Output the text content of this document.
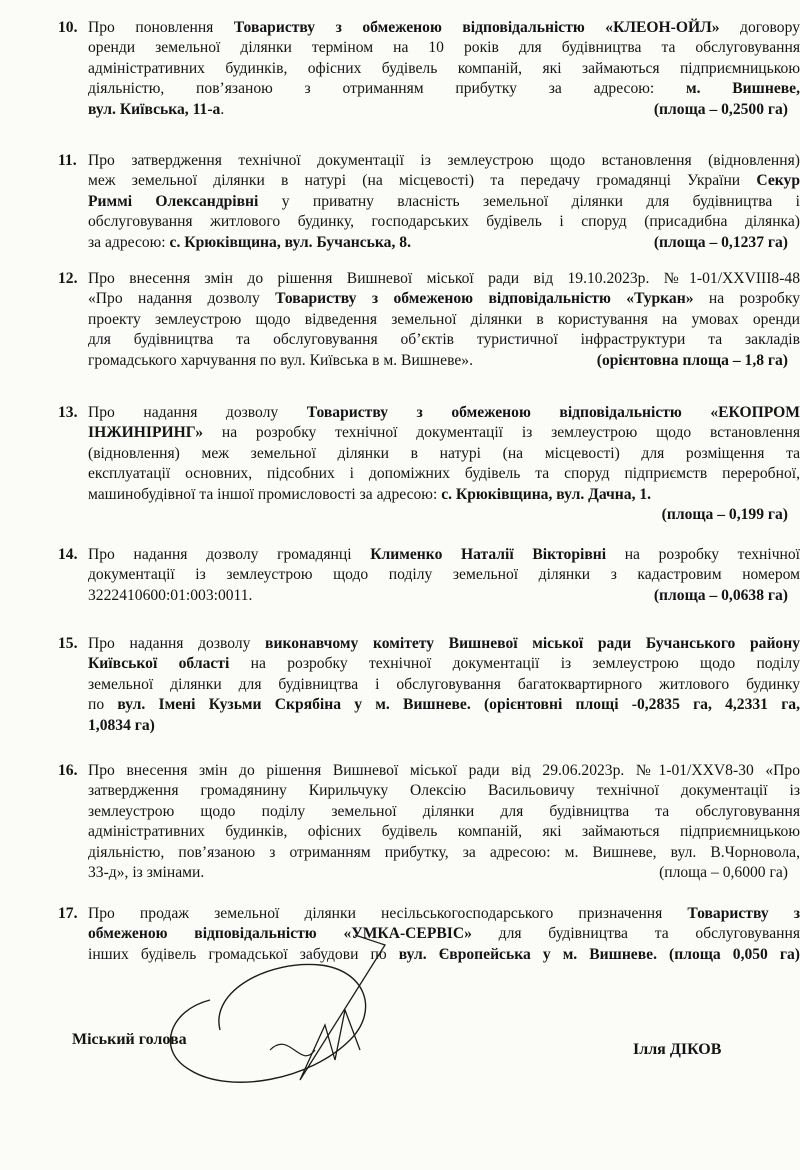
10. Про поновлення Товариству з обмеженою відповідальністю «КЛЕОН-ОЙЛ» договору
оренди земельної ділянки терміном на 10 років для будівництва та обслуговування
адміністративних будинків, офісних будівель компаній, які займаються підприємницькою
діяльністю, пов’язаною з отриманням прибутку за адресою: м. Вишневе,
вул. Київська, 11-а.	(площа – 0,2500 га)
11. Про затвердження технічної документації із землеустрою щодо встановлення (відновлення)
меж земельної ділянки в натурі (на місцевості) та передачу громадянці України Секур
Риммі Олександрівні у приватну власність земельної ділянки для будівництва і
обслуговування житлового будинку, господарських будівель і споруд (присадибна ділянка)
за адресою: с. Крюківщина, вул. Бучанська, 8.	(площа – 0,1237 га)
12. Про внесення змін до рішення Вишневої міської ради від 19.10.2023р. №1-01/XXVIII8-48
«Про надання дозволу Товариству з обмеженою відповідальністю «Туркан» на розробку
проекту землеустрою щодо відведення земельної ділянки в користування на умовах оренди
для будівництва та обслуговування об’єктів туристичної інфраструктури та закладів
громадського харчування по вул. Київська в м. Вишневе».	(орієнтовна площа – 1,8 га)
13. Про надання дозволу Товариству з обмеженою відповідальністю «ЕКОПРОМ
ІНЖИНІРИНГ» на розробку технічної документації із землеустрою щодо встановлення
(відновлення) меж земельної ділянки в натурі (на місцевості) для розміщення та
експлуатації основних, підсобних і допоміжних будівель та споруд підприємств переробної,
машинобудівної та іншої промисловості за адресою: с. Крюківщина, вул. Дачна, 1.
(площа – 0,199 га)
14. Про надання дозволу громадянці Клименко Наталії Вікторівні на розробку технічної
документації із землеустрою щодо поділу земельної ділянки з кадастровим номером
3222410600:01:003:0011.	(площа – 0,0638 га)
15. Про надання дозволу виконавчому комітету Вишневої міської ради Бучанського району
Київської області на розробку технічної документації із землеустрою щодо поділу
земельної ділянки для будівництва і обслуговування багатоквартирного житлового будинку
по вул. Імені Кузьми Скрябіна у м. Вишневе. (орієнтовні площі -0,2835 га, 4,2331 га,
1,0834 га)
16. Про внесення змін до рішення Вишневої міської ради від 29.06.2023р. №1-01/XXV8-30 «Про
затвердження громадянину Кирильчуку Олексію Васильовичу технічної документації із
землеустрою щодо поділу земельної ділянки для будівництва та обслуговування
адміністративних будинків, офісних будівель компаній, які займаються підприємницькою
діяльністю, пов’язаною з отриманням прибутку, за адресою: м. Вишневе, вул. В.Чорновола,
33-д», із змінами.	(площа – 0,6000 га)
17. Про продаж земельної ділянки несільськогосподарського призначення Товариству з
обмеженою відповідальністю «УМКА-СЕРВІС» для будівництва та обслуговування
інших будівель громадської забудови по вул. Європейська у м. Вишневе. (площа 0,050 га)
Міський голова
Ілля ДІКОВ
